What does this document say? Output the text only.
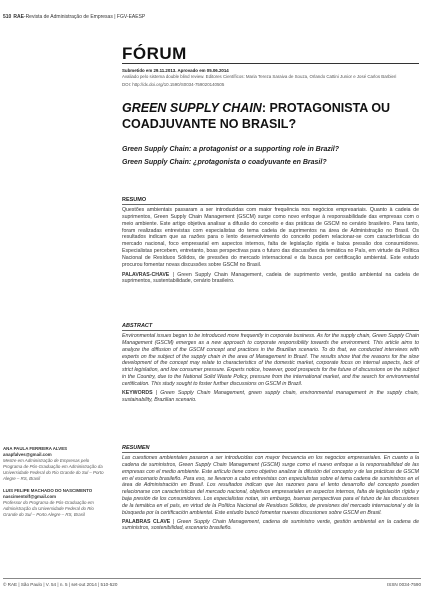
510 RAE-Revista de Administração de Empresas | FGV-EAESP
FÓRUM
Submetido em 29.11.2013. Aprovado em 05.06.2014
Avaliado pelo sistema double blind review. Editores Científicos: Maria Tereza Saraiva de Souza, Orlando Cattini Junior e José Carlos Barbieri
DOI: http://dx.doi.org/10.1590/S0034-759020140505
GREEN SUPPLY CHAIN: PROTAGONISTA OU COADJUVANTE NO BRASIL?
Green Supply Chain: a protagonist or a supporting role in Brazil?
Green Supply Chain: ¿protagonista o coadyuvante en Brasil?
RESUMO
Questões ambientais passaram a ser introduzidas com maior frequência nos negócios empresariais. Quanto à cadeia de suprimentos, Green Supply Chain Management (GSCM) surge como novo enfoque à responsabilidade das empresas com o meio ambiente. Este artigo objetiva analisar a difusão do conceito e das práticas de GSCM no cenário brasileiro. Para tanto, foram realizadas entrevistas com especialistas do tema cadeia de suprimentos na área de Administração no Brasil. Os resultados indicam que as razões para o lento desenvolvimento do conceito podem relacionar-se com características do mercado nacional, foco empresarial em aspectos internos, falta de legislação rígida e baixa pressão dos consumidores. Especialistas percebem, entretanto, boas perspectivas para o futuro das discussões da temática no País, em virtude da Política Nacional de Resíduos Sólidos, de pressões do mercado internacional e da busca por certificação ambiental. Este estudo procurou fomentar novas discussões sobre GSCM no Brasil.
PALAVRAS-CHAVE | Green Supply Chain Management, cadeia de suprimento verde, gestão ambiental na cadeia de suprimentos, sustentabilidade, cenário brasileiro.
ABSTRACT
Environmental issues began to be introduced more frequently in corporate business. As for the supply chain, Green Supply Chain Management (GSCM) emerges as a new approach to corporate responsibility towards the environment. This article aims to analyze the diffusion of the GSCM concept and practices in the Brazilian scenario. To do that, we conducted interviews with experts on the subject of the supply chain in the area of Management in Brazil. The results show that the reasons for the slow development of the concept may relate to characteristics of the domestic market, corporate focus on internal aspects, lack of strict legislation, and low consumer pressure. Experts notice, however, good prospects for the future of discussions on the subject in the Country, due to the National Solid Waste Policy, pressure from the international market, and the search for environmental certification. This study sought to foster further discussions on GSCM in Brazil.
KEYWORDS | Green Supply Chain Management, green supply chain, environmental management in the supply chain, sustainability, Brazilian scenario.
RESUMEN
Las cuestiones ambientales pasaron a ser introducidas con mayor frecuencia en los negocios empresariales. En cuanto a la cadena de suministros, Green Supply Chain Management (GSCM) surge como el nuevo enfoque a la responsabilidad de las empresas con el medio ambiente. Este artículo tiene como objetivo analizar la difusión del concepto y de las prácticas de GSCM en el escenario brasileño. Para eso, se llevaron a cabo entrevistas con especialistas sobre el tema cadena de suministros en el área de Administración en Brasil. Los resultados indican que las razones para el lento desarrollo del concepto pueden relacionarse con características del mercado nacional, objetivos empresariales en aspectos internos, falta de legislación rígida y baja presión de los consumidores. Los especialistas notan, sin embargo, buenas perspectivas para el futuro de las discusiones de la temática en el país, en virtud de la Política Nacional de Residuos Sólidos, de presiones del mercado internacional y de la búsqueda por la certificación ambiental. Este estudio buscó fomentar nuevas discusiones sobre GSCM en Brasil.
PALABRAS CLAVE | Green Supply Chain Management, cadena de suministro verde, gestión ambiental en la cadena de suministros, sostenibilidad, escenario brasileño.
ANA PAULA FERREIRA ALVES
anapfalves@gmail.com
Mestre em Administração de Empresas pelo Programa de Pós-Graduação em Administração da Universidade Federal do Rio Grande do Sul – Porto Alegre – RS, Brasil
LUIS FELIPE MACHADO DO NASCIMENTO
nascimentolf@gmail.com
Professor do Programa de Pós-Graduação em Administração da Universidade Federal do Rio Grande do Sul – Porto Alegre – RS, Brasil
© RAE | São Paulo | V. 54 | n. 5 | set-out 2014 | 510-520	ISSN 0034-7590
